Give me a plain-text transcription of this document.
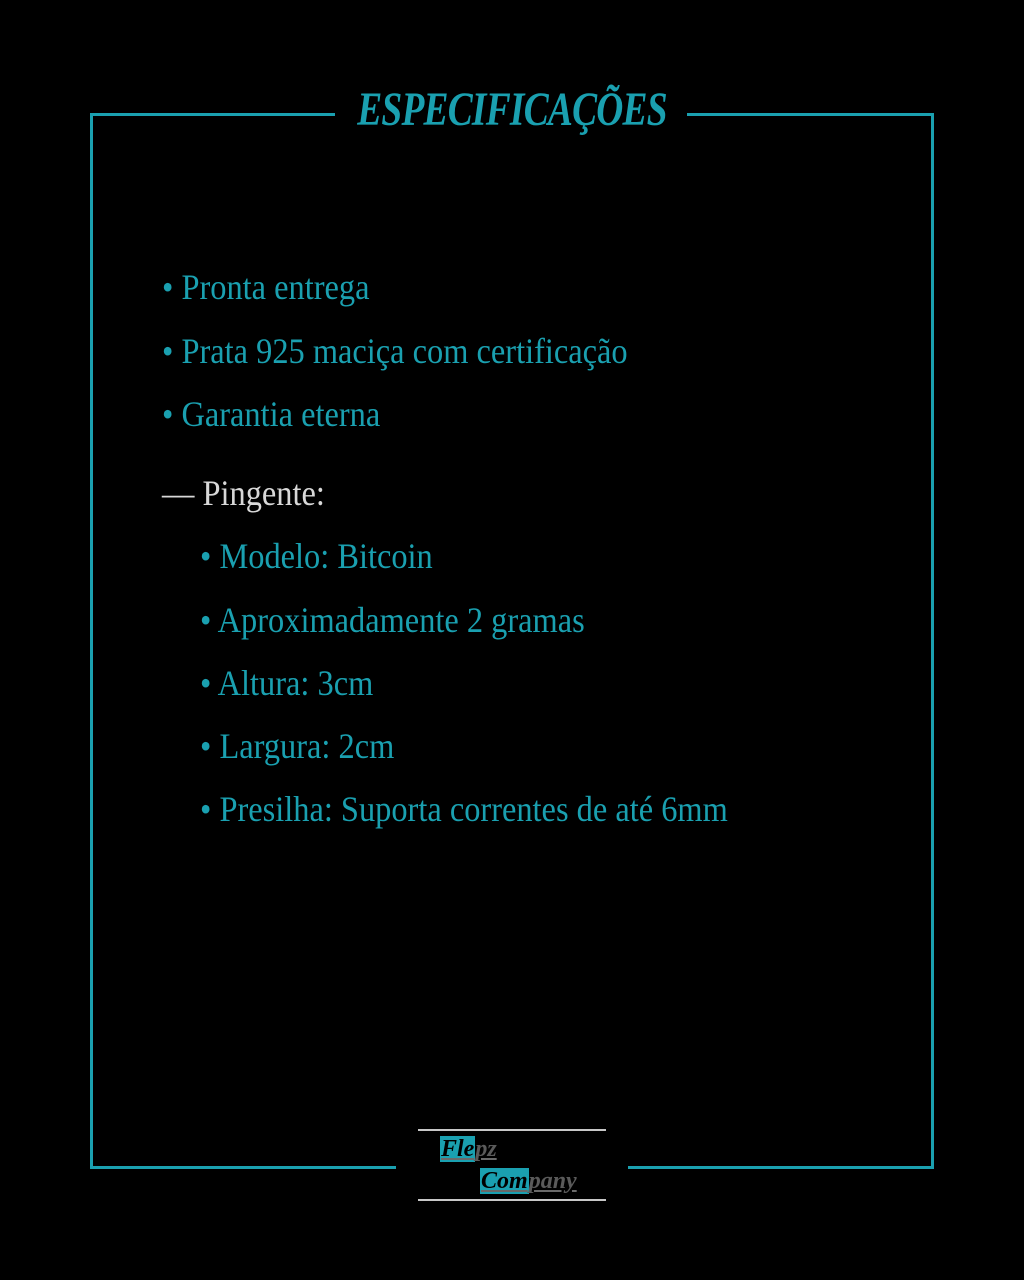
ESPECIFICAÇÕES
• Pronta entrega
• Prata 925 maciça com certificação
• Garantia eterna
— Pingente:
• Modelo: Bitcoin
• Aproximadamente 2 gramas
• Altura: 3cm
• Largura: 2cm
• Presilha: Suporta correntes de até 6mm
Flepz
Company
